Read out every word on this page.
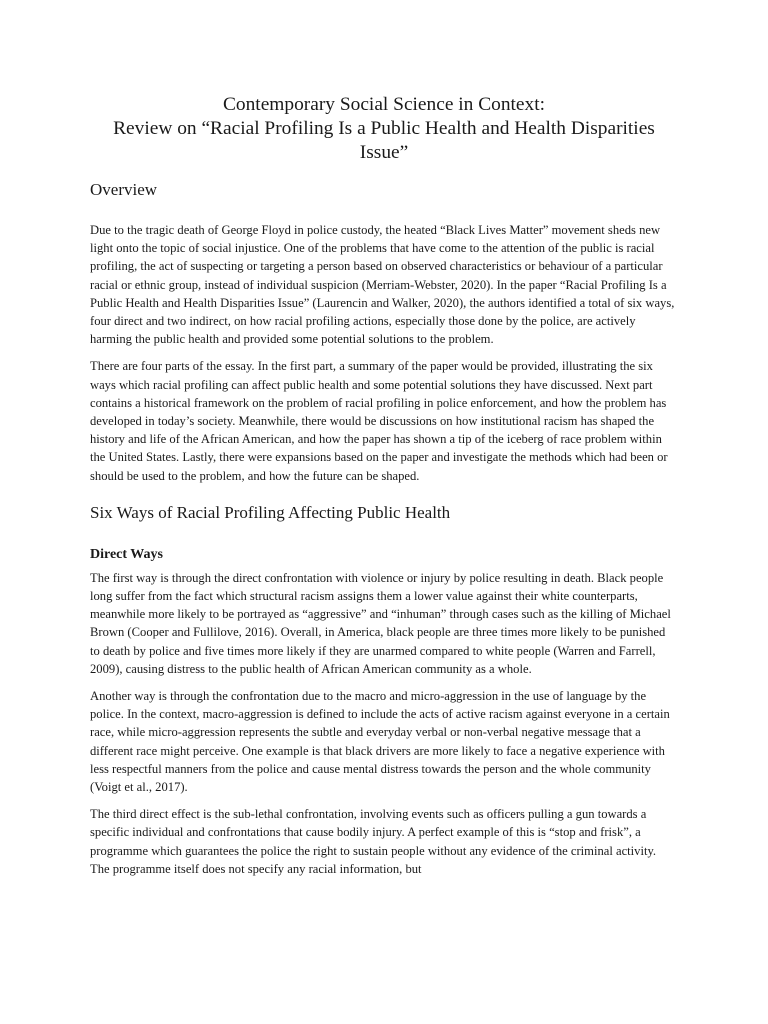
Contemporary Social Science in Context:
Review on “Racial Profiling Is a Public Health and Health Disparities
Issue”
Overview

Due to the tragic death of George Floyd in police custody, the heated “Black Lives Matter” movement sheds new light onto the topic of social injustice. One of the problems that have come to the attention of the public is racial profiling, the act of suspecting or targeting a person based on observed characteristics or behaviour of a particular racial or ethnic group, instead of individual suspicion (Merriam-Webster, 2020). In the paper “Racial Profiling Is a Public Health and Health Disparities Issue” (Laurencin and Walker, 2020), the authors identified a total of six ways, four direct and two indirect, on how racial profiling actions, especially those done by the police, are actively harming the public health and provided some potential solutions to the problem.

There are four parts of the essay. In the first part, a summary of the paper would be provided, illustrating the six ways which racial profiling can affect public health and some potential solutions they have discussed. Next part contains a historical framework on the problem of racial profiling in police enforcement, and how the problem has developed in today’s society. Meanwhile, there would be discussions on how institutional racism has shaped the history and life of the African American, and how the paper has shown a tip of the iceberg of race problem within the United States. Lastly, there were expansions based on the paper and investigate the methods which had been or should be used to the problem, and how the future can be shaped.

Six Ways of Racial Profiling Affecting Public Health
Direct Ways

The first way is through the direct confrontation with violence or injury by police resulting in death. Black people long suffer from the fact which structural racism assigns them a lower value against their white counterparts, meanwhile more likely to be portrayed as “aggressive” and “inhuman” through cases such as the killing of Michael Brown (Cooper and Fullilove, 2016). Overall, in America, black people are three times more likely to be punished to death by police and five times more likely if they are unarmed compared to white people (Warren and Farrell, 2009), causing distress to the public health of African American community as a whole.

Another way is through the confrontation due to the macro and micro-aggression in the use of language by the police. In the context, macro-aggression is defined to include the acts of active racism against everyone in a certain race, while micro-aggression represents the subtle and everyday verbal or non-verbal negative message that a different race might perceive. One example is that black drivers are more likely to face a negative experience with less respectful manners from the police and cause mental distress towards the person and the whole community (Voigt et al., 2017).

The third direct effect is the sub-lethal confrontation, involving events such as officers pulling a gun towards a specific individual and confrontations that cause bodily injury. A perfect example of this is “stop and frisk”, a programme which guarantees the police the right to sustain people without any evidence of the criminal activity. The programme itself does not specify any racial information, but
